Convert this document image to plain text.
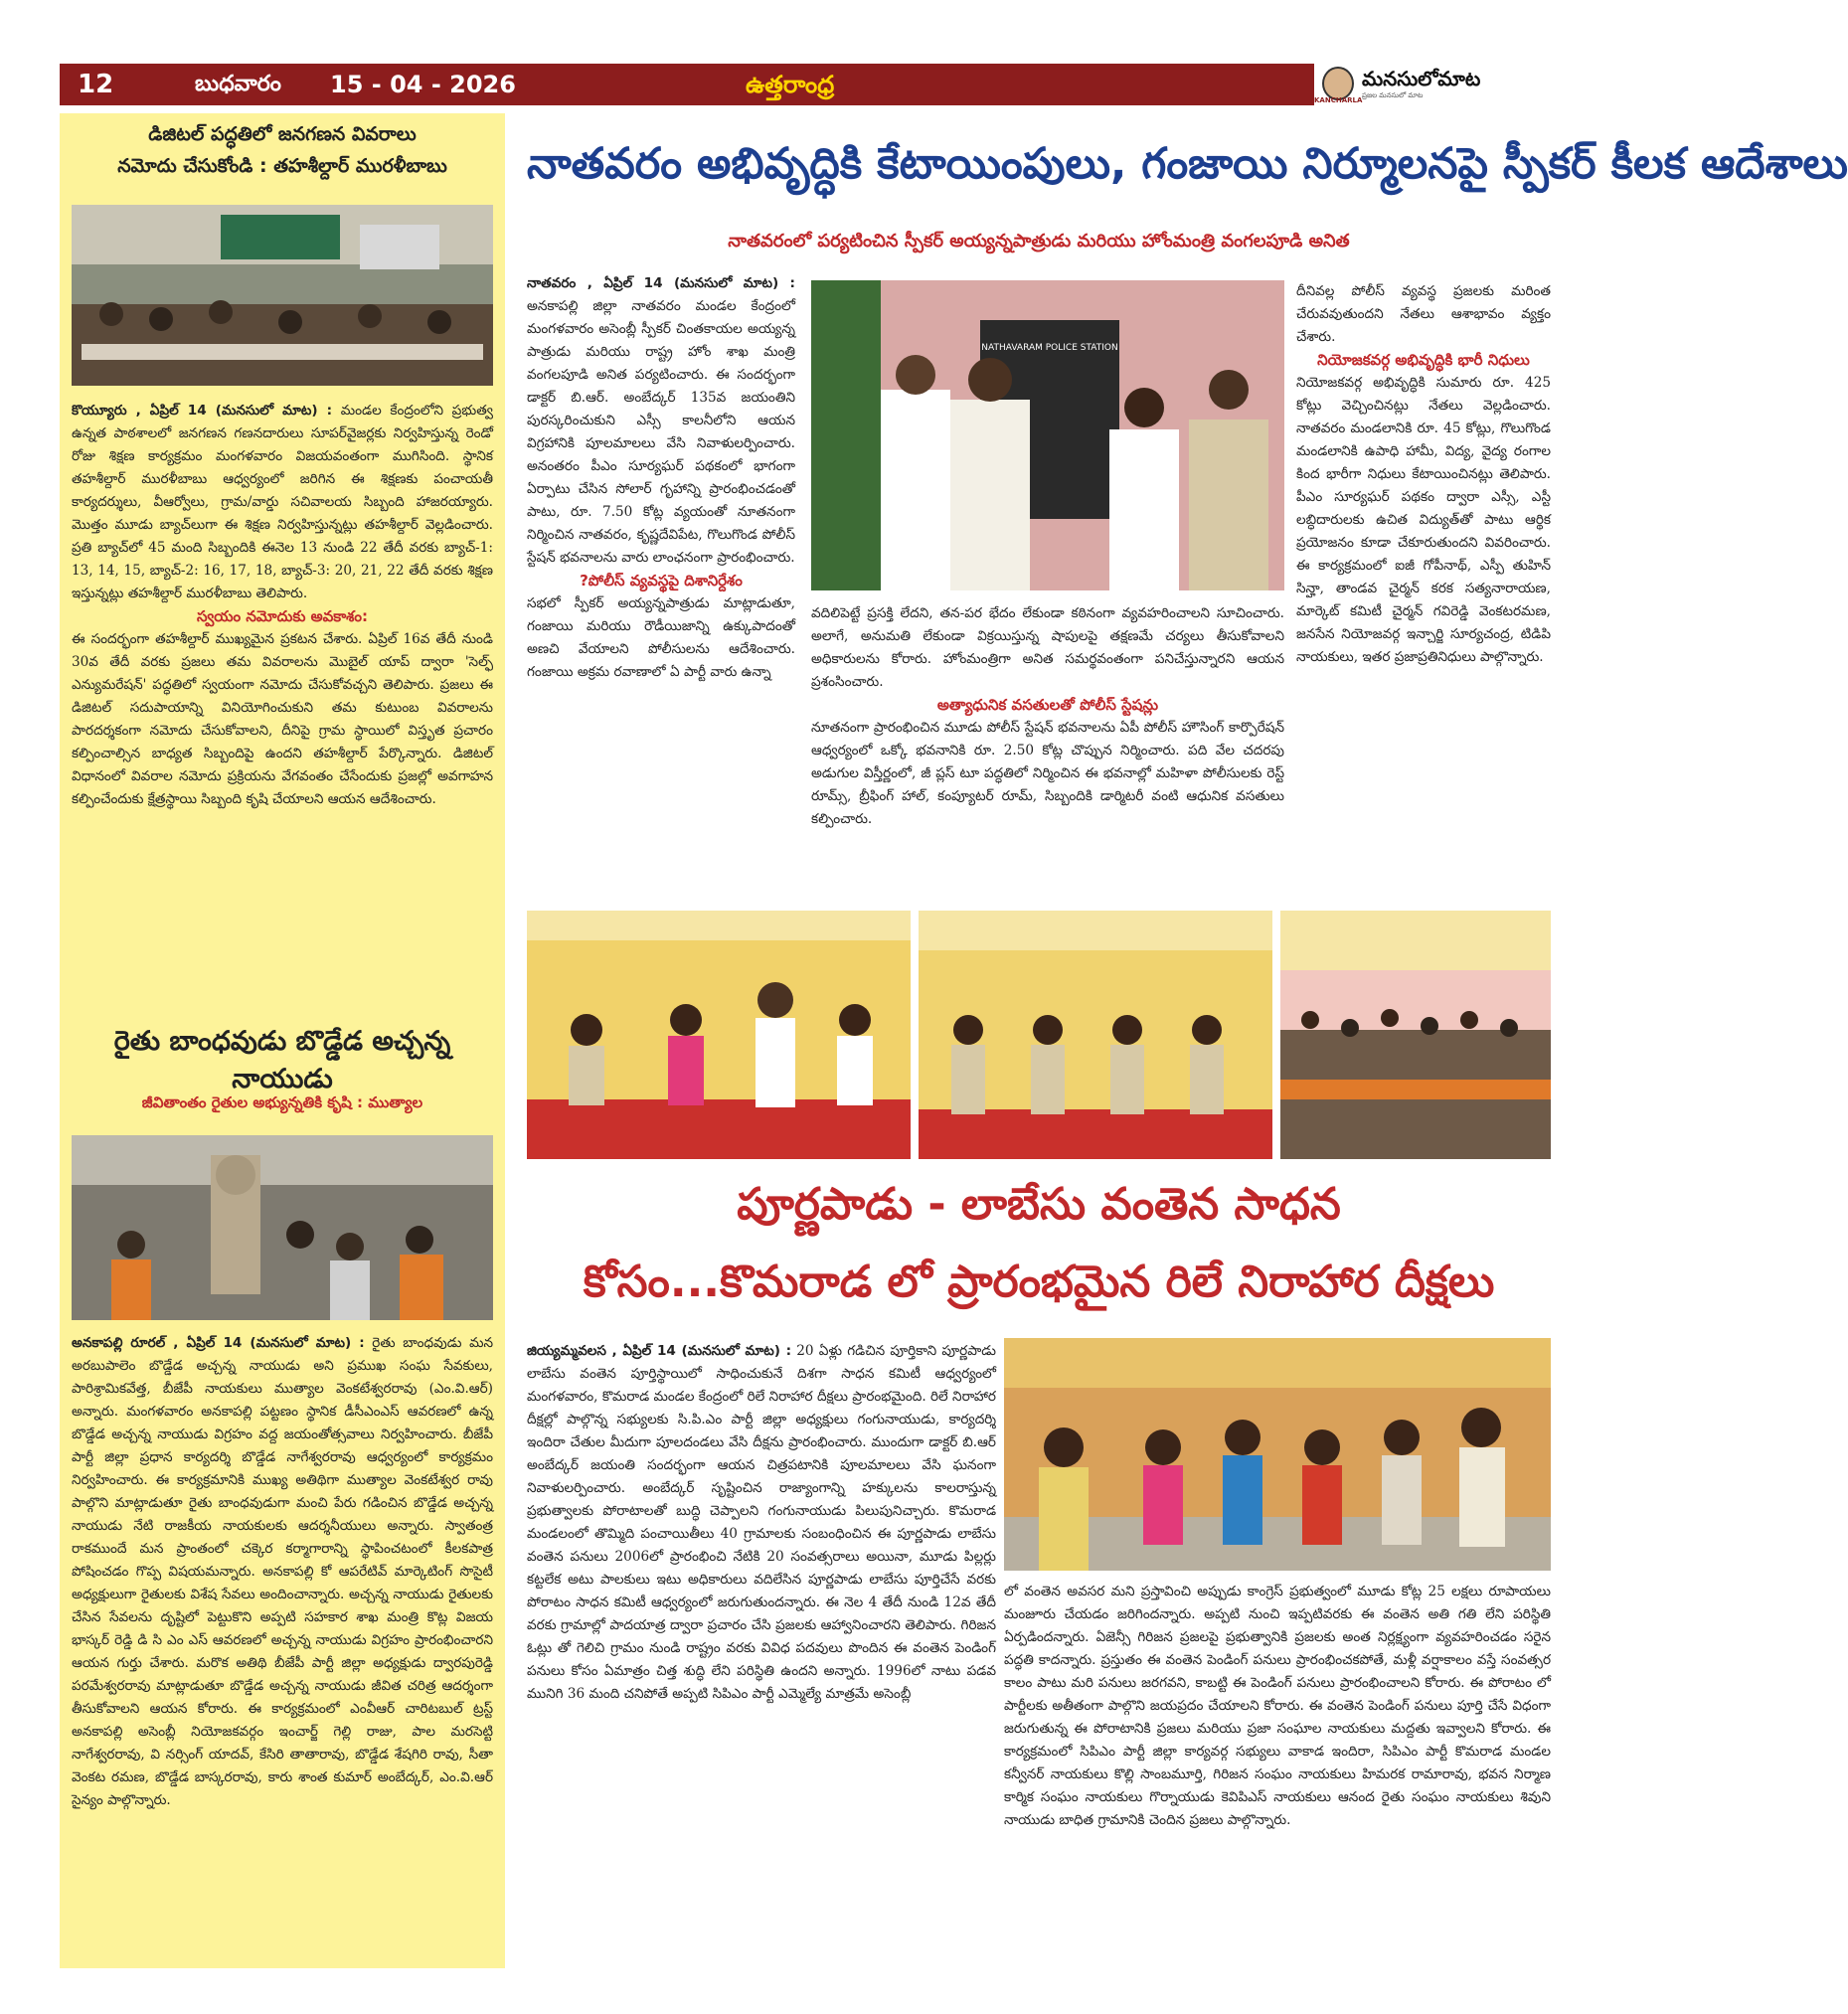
12	బుధవారం 15 - 04 - 2026	ఉత్తరాంధ్ర
KANCHARLA
మనసులోమాట
ప్రజల మనసులో మాట
డిజిటల్ పద్ధతిలో జనగణన వివరాలు
నమోదు చేసుకోండి : తహశీల్దార్ మురళీబాబు
కొయ్యూరు , ఏప్రిల్ 14 (మనసులో మాట) : మండల కేంద్రంలోని ప్రభుత్వ ఉన్నత పాఠశాలలో జనగణన గణనదారులు సూపర్‌వైజర్లకు నిర్వహిస్తున్న రెండో రోజు శిక్షణ కార్యక్రమం మంగళవారం విజయవంతంగా ముగిసింది. స్థానిక తహశీల్దార్ మురళీబాబు ఆధ్వర్యంలో జరిగిన ఈ శిక్షణకు పంచాయతీ కార్యదర్శులు, వీఆర్వోలు, గ్రామ/వార్డు సచివాలయ సిబ్బంది హాజరయ్యారు. మొత్తం మూడు బ్యాచ్‌లుగా ఈ శిక్షణ నిర్వహిస్తున్నట్లు తహశీల్దార్ వెల్లడించారు. ప్రతి బ్యాచ్‌లో 45 మంది సిబ్బందికి ఈనెల 13 నుండి 22 తేదీ వరకు బ్యాచ్-1: 13, 14, 15, బ్యాచ్-2: 16, 17, 18, బ్యాచ్-3: 20, 21, 22 తేదీ వరకు శిక్షణ ఇస్తున్నట్లు తహశీల్దార్ మురళీబాబు తెలిపారు.

స్వయం నమోదుకు అవకాశం:
ఈ సందర్భంగా తహశీల్దార్ ముఖ్యమైన ప్రకటన చేశారు. ఏప్రిల్ 16వ తేదీ నుండి 30వ తేదీ వరకు ప్రజలు తమ వివరాలను మొబైల్ యాప్ ద్వారా 'సెల్ఫ్ ఎన్యుమరేషన్' పద్ధతిలో స్వయంగా నమోదు చేసుకోవచ్చని తెలిపారు. ప్రజలు ఈ డిజిటల్ సదుపాయాన్ని వినియోగించుకుని తమ కుటుంబ వివరాలను పారదర్శకంగా నమోదు చేసుకోవాలని, దీనిపై గ్రామ స్థాయిలో విస్తృత ప్రచారం కల్పించాల్సిన బాధ్యత సిబ్బందిపై ఉందని తహశీల్దార్ పేర్కొన్నారు. డిజిటల్ విధానంలో వివరాల నమోదు ప్రక్రియను వేగవంతం చేసేందుకు ప్రజల్లో అవగాహన కల్పించేందుకు క్షేత్రస్థాయి సిబ్బంది కృషి చేయాలని ఆయన ఆదేశించారు.
రైతు బాంధవుడు బొడ్డేడ అచ్చన్న నాయుడు
జీవితాంతం రైతుల అభ్యున్నతికి కృషి : ముత్యాల
అనకాపల్లి రూరల్ , ఏప్రిల్ 14 (మనసులో మాట) : రైతు బాంధవుడు మన అరబుపాలెం బొడ్డేడ అచ్చన్న నాయుడు అని ప్రముఖ సంఘ సేవకులు, పారిశ్రామికవేత్త, బీజేపీ నాయకులు ముత్యాల వెంకటేశ్వరరావు (ఎం.వి.ఆర్) అన్నారు. మంగళవారం అనకాపల్లి పట్టణం స్థానిక డీసీఎంఎస్ ఆవరణలో ఉన్న బొడ్డేడ అచ్చన్న నాయుడు విగ్రహం వద్ద జయంతోత్సవాలు నిర్వహించారు. బీజేపీ పార్టీ జిల్లా ప్రధాన కార్యదర్శి బొడ్డేడ నాగేశ్వరరావు ఆధ్వర్యంలో కార్యక్రమం నిర్వహించారు. ఈ కార్యక్రమానికి ముఖ్య అతిథిగా ముత్యాల వెంకటేశ్వర రావు పాల్గొని మాట్లాడుతూ రైతు బాంధవుడుగా మంచి పేరు గడించిన బొడ్డేడ అచ్చన్న నాయుడు నేటి రాజకీయ నాయకులకు ఆదర్శనీయులు అన్నారు. స్వాతంత్ర రాకముందే మన ప్రాంతంలో చక్కెర కర్మాగారాన్ని స్థాపించటంలో కీలకపాత్ర పోషించడం గొప్ప విషయమన్నారు. అనకాపల్లి కో ఆపరేటివ్ మార్కెటింగ్ సొసైటీ అధ్యక్షులుగా రైతులకు విశేష సేవలు అందించాన్నారు. అచ్చన్న నాయుడు రైతులకు చేసిన సేవలను దృష్టిలో పెట్టుకొని అప్పటి సహకార శాఖ మంత్రి కొట్ల విజయ భాస్కర్ రెడ్డి డి సి ఎం ఎస్ ఆవరణలో అచ్చన్న నాయుడు విగ్రహం ప్రారంభించారని ఆయన గుర్తు చేశారు. మరొక అతిథి బీజేపీ పార్టీ జిల్లా అధ్యక్షుడు ద్వారపురెడ్డి పరమేశ్వరరావు మాట్లాడుతూ బొడ్డేడ అచ్చన్న నాయుడు జీవిత చరిత్ర ఆదర్శంగా తీసుకోవాలని ఆయన కోరారు. ఈ కార్యక్రమంలో ఎంవీఆర్ చారిటబుల్ ట్రస్ట్ అనకాపల్లి అసెంబ్లీ నియోజకవర్గం ఇంచార్జ్ గెల్లి రాజు, పాల మరసెట్టి నాగేశ్వరరావు, వి నర్సింగ్ యాదవ్, కేసిరి తాతారావు, బొడ్డేడ శేషగిరి రావు, సీతా వెంకట రమణ, బొడ్డేడ బాస్కరరావు, కారు శాంత కుమార్ అంబేద్కర్, ఎం.వి.ఆర్ సైన్యం పాల్గొన్నారు.
నాతవరం అభివృద్ధికి కేటాయింపులు, గంజాయి నిర్మూలనపై స్పీకర్ కీలక ఆదేశాలు
నాతవరంలో పర్యటించిన స్పీకర్ అయ్యన్నపాత్రుడు మరియు హోంమంత్రి వంగలపూడి అనిత
నాతవరం , ఏప్రిల్ 14 (మనసులో మాట) : అనకాపల్లి జిల్లా నాతవరం మండల కేంద్రంలో మంగళవారం అసెంబ్లీ స్పీకర్ చింతకాయల అయ్యన్న పాత్రుడు మరియు రాష్ట్ర హోం శాఖ మంత్రి వంగలపూడి అనిత పర్యటించారు. ఈ సందర్భంగా డాక్టర్ బి.ఆర్. అంబేద్కర్ 135వ జయంతిని పురస్కరించుకుని ఎస్సీ కాలనీలోని ఆయన విగ్రహానికి పూలమాలలు వేసి నివాళులర్పించారు. అనంతరం పీఎం సూర్యఘర్ పథకంలో భాగంగా ఏర్పాటు చేసిన సోలార్ గృహాన్ని ప్రారంభించడంతో పాటు, రూ. 7.50 కోట్ల వ్యయంతో నూతనంగా నిర్మించిన నాతవరం, కృష్ణదేవిపేట, గొలుగొండ పోలీస్ స్టేషన్ భవనాలను వారు లాంఛనంగా ప్రారంభించారు.

?పోలీస్ వ్యవస్థపై దిశానిర్దేశం
సభలో స్పీకర్ అయ్యన్నపాత్రుడు మాట్లాడుతూ, గంజాయి మరియు రౌడీయిజాన్ని ఉక్కుపాదంతో అణచి వేయాలని పోలీసులను ఆదేశించారు. గంజాయి అక్రమ రవాణాలో ఏ పార్టీ వారు ఉన్నా
NATHAVARAM POLICE STATION
వదిలిపెట్టే ప్రసక్తి లేదని, తన-పర భేదం లేకుండా కఠినంగా వ్యవహరించాలని సూచించారు. అలాగే, అనుమతి లేకుండా విక్రయిస్తున్న షాపులపై తక్షణమే చర్యలు తీసుకోవాలని అధికారులను కోరారు. హోంమంత్రిగా అనిత సమర్థవంతంగా పనిచేస్తున్నారని ఆయన ప్రశంసించారు.

అత్యాధునిక వసతులతో పోలీస్ స్టేషన్లు
నూతనంగా ప్రారంభించిన మూడు పోలీస్ స్టేషన్ భవనాలను ఏపీ పోలీస్ హౌసింగ్ కార్పొరేషన్ ఆధ్వర్యంలో ఒక్కో భవనానికి రూ. 2.50 కోట్ల చొప్పున నిర్మించారు. పది వేల చదరపు అడుగుల విస్తీర్ణంలో, జీ ప్లస్ టూ పద్ధతిలో నిర్మించిన ఈ భవనాల్లో మహిళా పోలీసులకు రెస్ట్ రూమ్స్, బ్రీఫింగ్ హాల్, కంప్యూటర్ రూమ్, సిబ్బందికి డార్మిటరీ వంటి ఆధునిక వసతులు కల్పించారు.
దీనివల్ల పోలీస్ వ్యవస్థ ప్రజలకు మరింత చేరువవుతుందని నేతలు ఆశాభావం వ్యక్తం చేశారు.

నియోజకవర్గ అభివృద్ధికి భారీ నిధులు
నియోజకవర్గ అభివృద్ధికి సుమారు రూ. 425 కోట్లు వెచ్చించినట్లు నేతలు వెల్లడించారు. నాతవరం మండలానికి రూ. 45 కోట్లు, గొలుగొండ మండలానికి ఉపాధి హామీ, విద్య, వైద్య రంగాల కింద భారీగా నిధులు కేటాయించినట్లు తెలిపారు. పీఎం సూర్యఘర్ పథకం ద్వారా ఎస్సీ, ఎస్టీ లబ్ధిదారులకు ఉచిత విద్యుత్‌తో పాటు ఆర్థిక ప్రయోజనం కూడా చేకూరుతుందని వివరించారు. ఈ కార్యక్రమంలో ఐజీ గోపీనాథ్, ఎస్పీ తుహిన్ సిన్హా, తాండవ చైర్మన్ కరక సత్యనారాయణ, మార్కెట్ కమిటీ చైర్మన్ గవిరెడ్డి వెంకటరమణ, జనసేన నియోజవర్గ ఇన్చార్జి సూర్యచంద్ర, టిడిపి నాయకులు, ఇతర ప్రజాప్రతినిధులు పాల్గొన్నారు.
పూర్ణపాడు - లాబేసు వంతెన సాధన
కోసం...కొమరాడ లో ప్రారంభమైన రిలే నిరాహార దీక్షలు
జియ్యమ్మవలస , ఏప్రిల్ 14 (మనసులో మాట) : 20 ఏళ్లు గడిచిన పూర్తికాని పూర్ణపాడు లాబేసు వంతెన పూర్తిస్థాయిలో సాధించుకునే దిశగా సాధన కమిటీ ఆధ్వర్యంలో మంగళవారం, కొమరాడ మండల కేంద్రంలో రిలే నిరాహార దీక్షలు ప్రారంభమైంది. రిలే నిరాహార దీక్షల్లో పాల్గొన్న సభ్యులకు సి.పి.ఎం పార్టీ జిల్లా అధ్యక్షులు గంగునాయుడు, కార్యదర్శి ఇందిరా చేతుల మీదుగా పూలదండలు వేసి దీక్షను ప్రారంభించారు. ముందుగా డాక్టర్ బి.ఆర్ అంబేద్కర్ జయంతి సందర్భంగా ఆయన చిత్రపటానికి పూలమాలలు వేసి ఘనంగా నివాళులర్పించారు. అంబేద్కర్ సృష్టించిన రాజ్యాంగాన్ని హక్కులను కాలరాస్తున్న ప్రభుత్వాలకు పోరాటాలతో బుద్ధి చెప్పాలని గంగునాయుడు పిలుపునిచ్చారు. కొమరాడ మండలంలో తొమ్మిది పంచాయితీలు 40 గ్రామాలకు సంబంధించిన ఈ పూర్ణపాడు లాబేసు వంతెన పనులు 2006లో ప్రారంభించి నేటికి 20 సంవత్సరాలు అయినా, మూడు పిల్లర్లు కట్టలేక అటు పాలకులు ఇటు అధికారులు వదిలేసిన పూర్ణపాడు లాబేసు పూర్తిచేసే వరకు పోరాటం సాధన కమిటీ ఆధ్వర్యంలో జరుగుతుందన్నారు. ఈ నెల 4 తేదీ నుండి 12వ తేదీ వరకు గ్రామాల్లో పాదయాత్ర ద్వారా ప్రచారం చేసి ప్రజలకు ఆహ్వానించారని తెలిపారు. గిరిజన ఓట్లు తో గెలిచి గ్రామం నుండి రాష్ట్రం వరకు వివిధ పదవులు పొందిన ఈ వంతెన పెండింగ్ పనులు కోసం ఏమాత్రం చిత్త శుద్ధి లేని పరిస్థితి ఉందని అన్నారు. 1996లో నాటు పడవ మునిగి 36 మంది చనిపోతే అప్పటి సిపిఎం పార్టీ ఎమ్మెల్యే మాత్రమే అసెంబ్లీ
లో వంతెన అవసర మని ప్రస్తావించి అప్పుడు కాంగ్రెస్ ప్రభుత్వంలో మూడు కోట్ల 25 లక్షలు రూపాయలు మంజూరు చేయడం జరిగిందన్నారు. అప్పటి నుంచి ఇప్పటివరకు ఈ వంతెన అతి గతి లేని పరిస్థితి ఏర్పడిందన్నారు. ఏజెన్సీ గిరిజన ప్రజలపై ప్రభుత్వానికి ప్రజలకు అంత నిర్లక్ష్యంగా వ్యవహరించడం సరైన పద్ధతి కాదన్నారు. ప్రస్తుతం ఈ వంతెన పెండింగ్ పనులు ప్రారంభించకపోతే, మళ్లీ వర్షాకాలం వస్తే సంవత్సర కాలం పాటు మరి పనులు జరగవని, కాబట్టి ఈ పెండింగ్ పనులు ప్రారంభించాలని కోరారు. ఈ పోరాటం లో పార్టీలకు అతీతంగా పాల్గొని జయప్రదం చేయాలని కోరారు. ఈ వంతెన పెండింగ్ పనులు పూర్తి చేసే విధంగా జరుగుతున్న ఈ పోరాటానికి ప్రజలు మరియు ప్రజా సంఘాల నాయకులు మద్దతు ఇవ్వాలని కోరారు. ఈ కార్యక్రమంలో సిపిఎం పార్టీ జిల్లా కార్యవర్గ సభ్యులు వాకాడ ఇందిరా, సిపిఎం పార్టీ కొమరాడ మండల కన్వీనర్ నాయకులు కొల్లి సాంబమూర్తి, గిరిజన సంఘం నాయకులు హిమరక రామారావు, భవన నిర్మాణ కార్మిక సంఘం నాయకులు గొర్నాయుడు కెవిపిఎస్ నాయకులు ఆనంద రైతు సంఘం నాయకులు శివుని నాయుడు బాధిత గ్రామానికి చెందిన ప్రజలు పాల్గొన్నారు.
